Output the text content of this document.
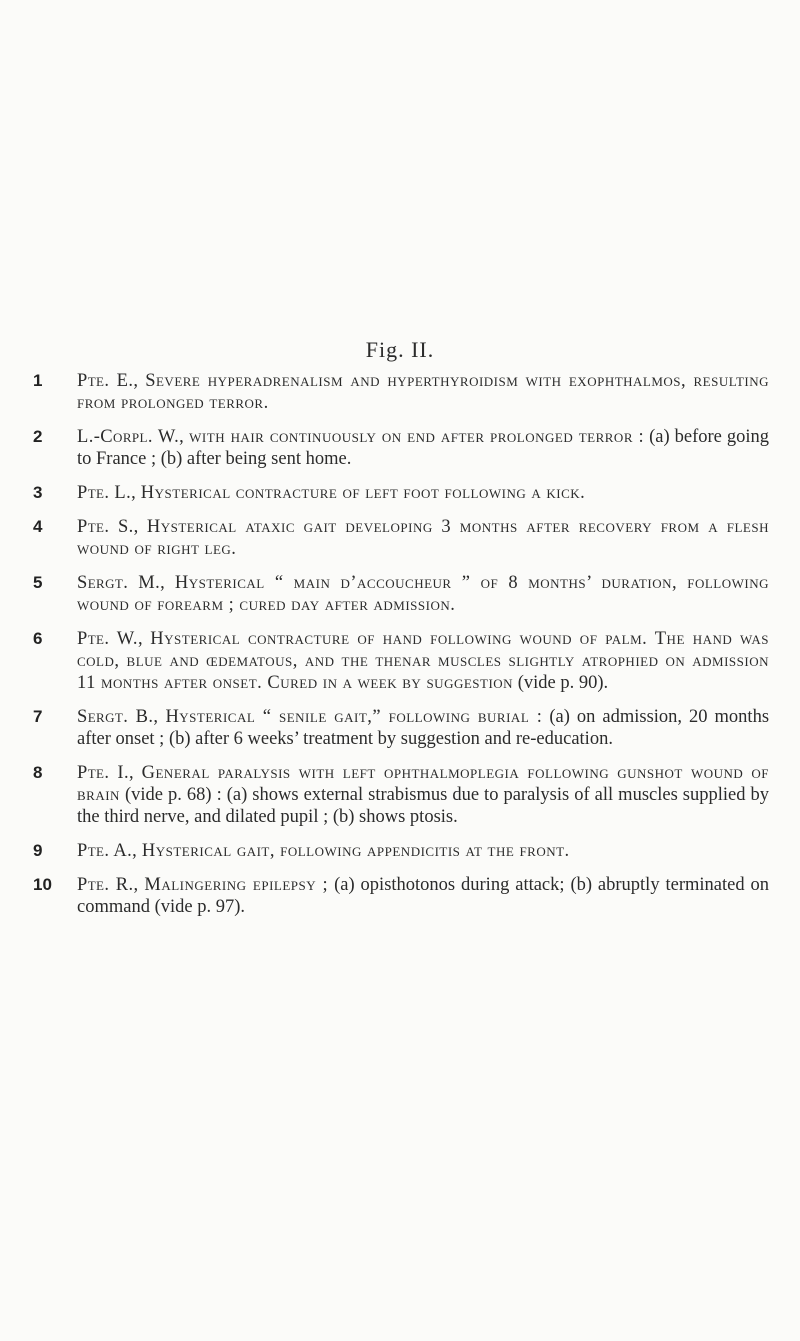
Fig. II.
1	Pte. E., Severe hyperadrenalism and hyperthyroidism with exophthalmos, resulting from prolonged terror.
2	L.-Corpl. W., with hair continuously on end after prolonged terror : (a) before going to France ; (b) after being sent home.
3	Pte. L., Hysterical contracture of left foot following a kick.
4	Pte. S., Hysterical ataxic gait developing 3 months after recovery from a flesh wound of right leg.
5	Sergt. M., Hysterical “ main d’accoucheur ” of 8 months’ duration, following wound of forearm ; cured day after admission.
6	Pte. W., Hysterical contracture of hand following wound of palm. The hand was cold, blue and œdematous, and the thenar muscles slightly atrophied on admission 11 months after onset. Cured in a week by suggestion (vide p. 90).
7	Sergt. B., Hysterical “ senile gait,” following burial : (a) on admission, 20 months after onset ; (b) after 6 weeks’ treatment by suggestion and re-education.
8	Pte. I., General paralysis with left ophthalmoplegia following gunshot wound of brain (vide p. 68) : (a) shows external strabismus due to paralysis of all muscles supplied by the third nerve, and dilated pupil ; (b) shows ptosis.
9	Pte. A., Hysterical gait, following appendicitis at the front.
10 Pte. R., Malingering epilepsy ; (a) opisthotonos during attack; (b) abruptly terminated on command (vide p. 97).
